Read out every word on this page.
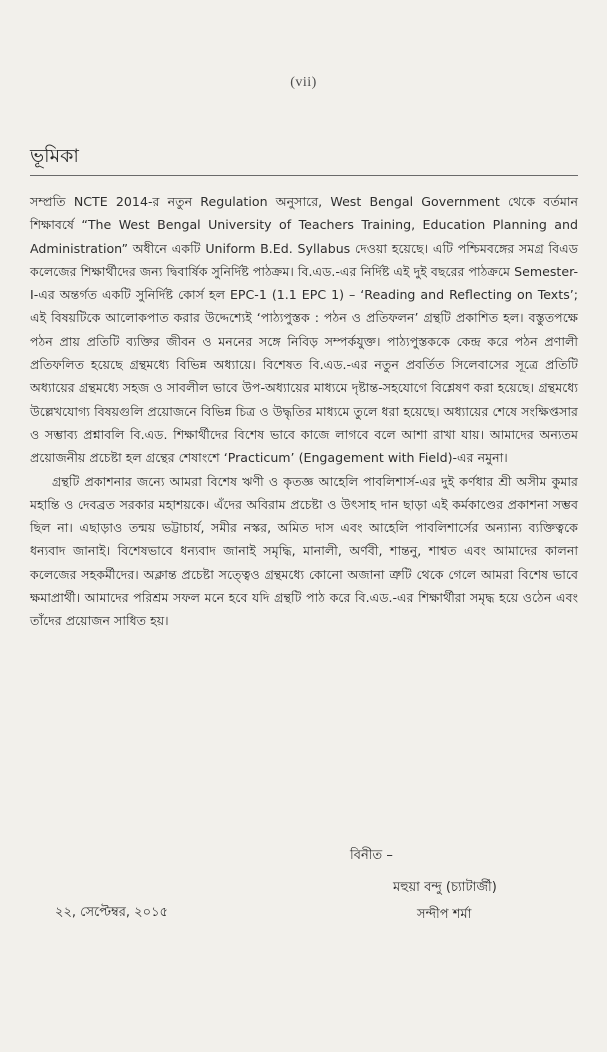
(vii)
ভূমিকা

সম্প্রতি NCTE 2014-র নতুন Regulation অনুসারে, West Bengal Government থেকে বর্তমান শিক্ষাবর্ষে “The West Bengal University of Teachers Training, Education Planning and Administration” অধীনে একটি Uniform B.Ed. Syllabus দেওয়া হয়েছে। এটি পশ্চিমবঙ্গের সমগ্র বিএড কলেজের শিক্ষার্থীদের জন্য দ্বিবার্ষিক সুনির্দিষ্ট পাঠক্রম। বি.এড.-এর নির্দিষ্ট এই দুই বছরের পাঠক্রমে Semester-I-এর অন্তর্গত একটি সুনির্দিষ্ট কোর্স হল EPC-1 (1.1 EPC 1) – ‘Reading and Reflecting on Texts’; এই বিষয়টিকে আলোকপাত করার উদ্দেশ্যেই ‘পাঠ্যপুস্তক : পঠন ও প্রতিফলন’ গ্রন্থটি প্রকাশিত হল। বস্তুতপক্ষে পঠন প্রায় প্রতিটি ব্যক্তির জীবন ও মননের সঙ্গে নিবিড় সম্পর্কযুক্ত। পাঠ্যপুস্তককে কেন্দ্র করে পঠন প্রণালী প্রতিফলিত হয়েছে গ্রন্থমধ্যে বিভিন্ন অধ্যায়ে। বিশেষত বি.এড.-এর নতুন প্রবর্তিত সিলেবাসের সূত্রে প্রতিটি অধ্যায়ের গ্রন্থমধ্যে সহজ ও সাবলীল ভাবে উপ-অধ্যায়ের মাধ্যমে দৃষ্টান্ত-সহযোগে বিশ্লেষণ করা হয়েছে। গ্রন্থমধ্যে উল্লেখযোগ্য বিষয়গুলি প্রয়োজনে বিভিন্ন চিত্র ও উদ্ধৃতির মাধ্যমে তুলে ধরা হয়েছে। অধ্যায়ের শেষে সংক্ষিপ্তসার ও সম্ভাব্য প্রশ্নাবলি বি.এড. শিক্ষার্থীদের বিশেষ ভাবে কাজে লাগবে বলে আশা রাখা যায়। আমাদের অন্যতম প্রয়োজনীয় প্রচেষ্টা হল গ্রন্থের শেষাংশে ‘Practicum’ (Engagement with Field)-এর নমুনা।

গ্রন্থটি প্রকাশনার জন্যে আমরা বিশেষ ঋণী ও কৃতজ্ঞ আহেলি পাবলিশার্স-এর দুই কর্ণধার শ্রী অসীম কুমার মহান্তি ও দেবব্রত সরকার মহাশয়কে। এঁদের অবিরাম প্রচেষ্টা ও উৎসাহ দান ছাড়া এই কর্মকাণ্ডের প্রকাশনা সম্ভব ছিল না। এছাড়াও তন্ময় ভট্টাচার্য, সমীর নস্কর, অমিত দাস এবং আহেলি পাবলিশার্সের অন্যান্য ব্যক্তিত্বকে ধন্যবাদ জানাই। বিশেষভাবে ধন্যবাদ জানাই সমৃদ্ধি, মানালী, অর্ণবী, শান্তনু, শাশ্বত এবং আমাদের কালনা কলেজের সহকর্মীদের। অক্লান্ত প্রচেষ্টা সত্ত্বেও গ্রন্থমধ্যে কোনো অজানা ত্রুটি থেকে গেলে আমরা বিশেষ ভাবে ক্ষমাপ্রার্থী। আমাদের পরিশ্রম সফল মনে হবে যদি গ্রন্থটি পাঠ করে বি.এড.-এর শিক্ষার্থীরা সমৃদ্ধ হয়ে ওঠেন এবং তাঁদের প্রয়োজন সাধিত হয়।

বিনীত –
মহুয়া বন্দু (চ্যাটার্জী)
সন্দীপ শর্মা
২২, সেপ্টেম্বর, ২০১৫
